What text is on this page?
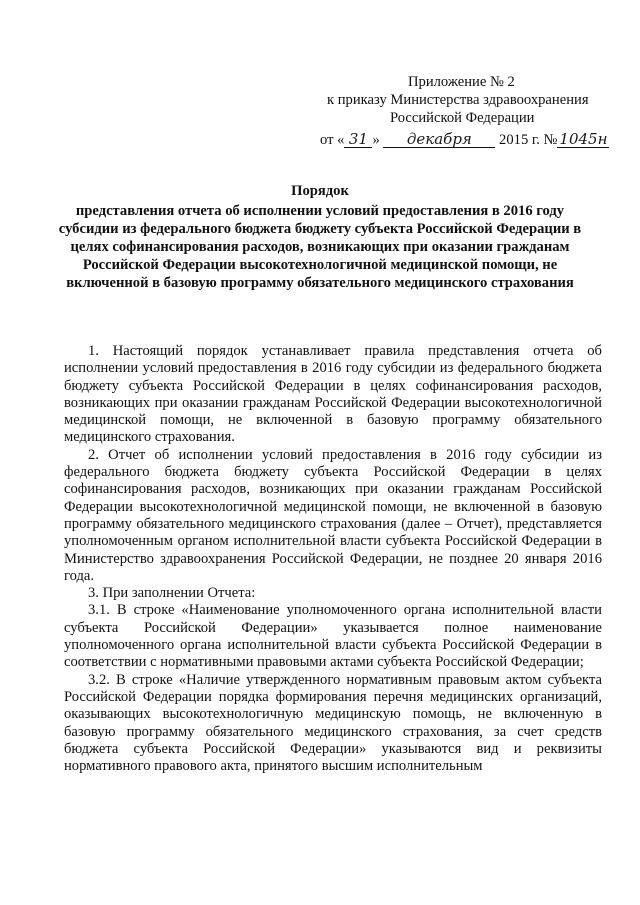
Приложение № 2
к приказу Министерства здравоохранения
Российской Федерации
от « 31 » декабря 2015 г. № 1045н
Порядок
представления отчета об исполнении условий предоставления в 2016 году субсидии из федерального бюджета бюджету субъекта Российской Федерации в целях софинансирования расходов, возникающих при оказании гражданам Российской Федерации высокотехнологичной медицинской помощи, не включенной в базовую программу обязательного медицинского страхования

1. Настоящий порядок устанавливает правила представления отчета об исполнении условий предоставления в 2016 году субсидии из федерального бюджета бюджету субъекта Российской Федерации в целях софинансирования расходов, возникающих при оказании гражданам Российской Федерации высокотехнологичной медицинской помощи, не включенной в базовую программу обязательного медицинского страхования.

2. Отчет об исполнении условий предоставления в 2016 году субсидии из федерального бюджета бюджету субъекта Российской Федерации в целях софинансирования расходов, возникающих при оказании гражданам Российской Федерации высокотехнологичной медицинской помощи, не включенной в базовую программу обязательного медицинского страхования (далее – Отчет), представляется уполномоченным органом исполнительной власти субъекта Российской Федерации в Министерство здравоохранения Российской Федерации, не позднее 20 января 2016 года.

3. При заполнении Отчета:

3.1. В строке «Наименование уполномоченного органа исполнительной власти субъекта Российской Федерации» указывается полное наименование уполномоченного органа исполнительной власти субъекта Российской Федерации в соответствии с нормативными правовыми актами субъекта Российской Федерации;

3.2. В строке «Наличие утвержденного нормативным правовым актом субъекта Российской Федерации порядка формирования перечня медицинских организаций, оказывающих высокотехнологичную медицинскую помощь, не включенную в базовую программу обязательного медицинского страхования, за счет средств бюджета субъекта Российской Федерации» указываются вид и реквизиты нормативного правового акта, принятого высшим исполнительным
